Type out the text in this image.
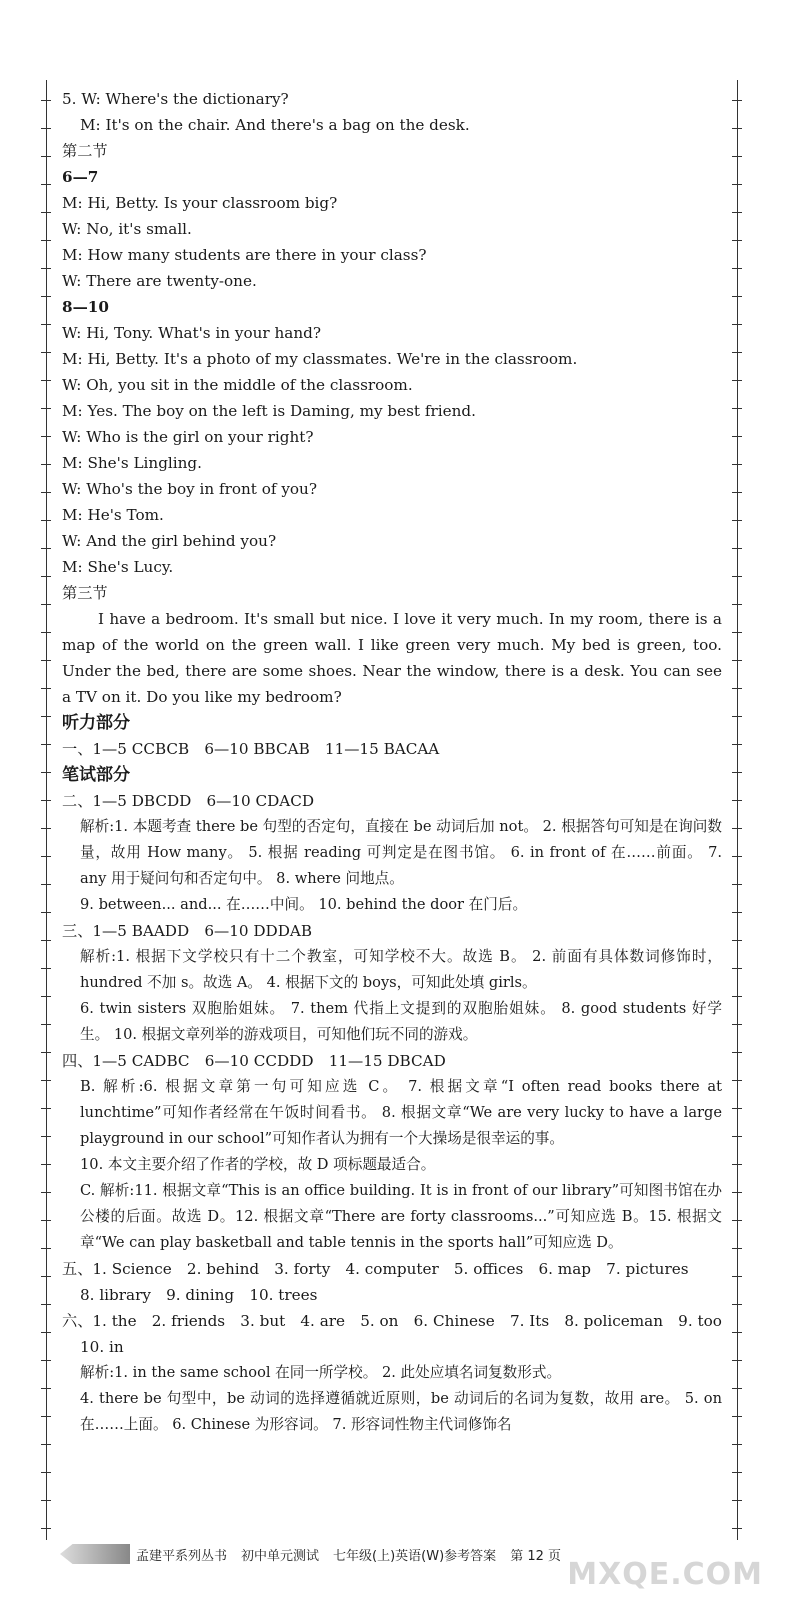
5. W: Where's the dictionary?
M: It's on the chair. And there's a bag on the desk.
第二节
6—7
M: Hi, Betty. Is your classroom big?
W: No, it's small.
M: How many students are there in your class?
W: There are twenty-one.
8—10
W: Hi, Tony. What's in your hand?
M: Hi, Betty. It's a photo of my classmates. We're in the classroom.
W: Oh, you sit in the middle of the classroom.
M: Yes. The boy on the left is Daming, my best friend.
W: Who is the girl on your right?
M: She's Lingling.
W: Who's the boy in front of you?
M: He's Tom.
W: And the girl behind you?
M: She's Lucy.
第三节
I have a bedroom. It's small but nice. I love it very much. In my room, there is a map of the world on the green wall. I like green very much. My bed is green, too. Under the bed, there are some shoes. Near the window, there is a desk. You can see a TV on it. Do you like my bedroom?
听力部分
一、1—5 CCBCB　6—10 BBCAB　11—15 BACAA
笔试部分
二、1—5 DBCDD　6—10 CDACD
解析:1. 本题考查 there be 句型的否定句，直接在 be 动词后加 not。 2. 根据答句可知是在询问数量，故用 How many。 5. 根据 reading 可判定是在图书馆。 6. in front of 在……前面。 7. any 用于疑问句和否定句中。 8. where 问地点。
9. between... and... 在……中间。 10. behind the door 在门后。
三、1—5 BAADD　6—10 DDDAB
解析:1. 根据下文学校只有十二个教室，可知学校不大。故选 B。 2. 前面有具体数词修饰时，hundred 不加 s。故选 A。 4. 根据下文的 boys，可知此处填 girls。
6. twin sisters 双胞胎姐妹。 7. them 代指上文提到的双胞胎姐妹。 8. good students 好学生。 10. 根据文章列举的游戏项目，可知他们玩不同的游戏。
四、1—5 CADBC　6—10 CCDDD　11—15 DBCAD
B. 解析:6. 根据文章第一句可知应选 C。 7. 根据文章“I often read books there at lunchtime”可知作者经常在午饭时间看书。 8. 根据文章“We are very lucky to have a large playground in our school”可知作者认为拥有一个大操场是很幸运的事。
10. 本文主要介绍了作者的学校，故 D 项标题最适合。
C. 解析:11. 根据文章“This is an office building. It is in front of our library”可知图书馆在办公楼的后面。故选 D。12. 根据文章“There are forty classrooms...”可知应选 B。15. 根据文章“We can play basketball and table tennis in the sports hall”可知应选 D。
五、1. Science　2. behind　3. forty　4. computer　5. offices　6. map　7. pictures
8. library　9. dining　10. trees
六、1. the　2. friends　3. but　4. are　5. on　6. Chinese　7. Its　8. policeman　9. too
10. in
解析:1. in the same school 在同一所学校。 2. 此处应填名词复数形式。
4. there be 句型中，be 动词的选择遵循就近原则，be 动词后的名词为复数，故用 are。 5. on 在……上面。 6. Chinese 为形容词。 7. 形容词性物主代词修饰名
孟建平系列丛书 初中单元测试 七年级(上)英语(W)参考答案 第 12 页
MXQE.COM
